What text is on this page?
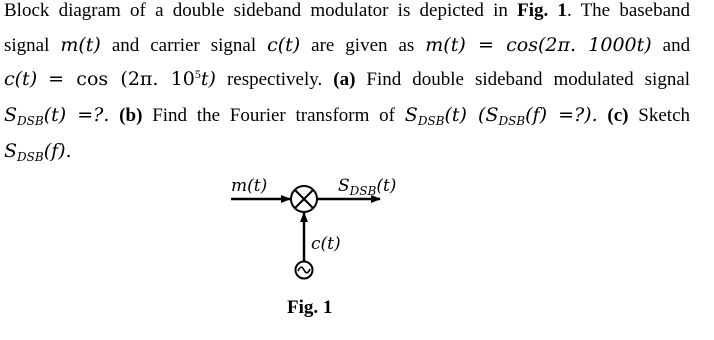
Block diagram of a double sideband modulator is depicted in Fig. 1. The baseband
signal m(t) and carrier signal c(t) are given as m(t) = cos(2π. 1000t) and
c(t) = cos (2π. $10^5t$) respectively. (a) Find double sideband modulated signal
$S_{DSB}(t)$ =?. (b) Find the Fourier transform of $S_{DSB}(t)$ ($S_{DSB}(f)$ =?). (c) Sketch
$S_{DSB}(f)$.
m(t)	$S_{DSB}(t)$
c(t)
Fig. 1
